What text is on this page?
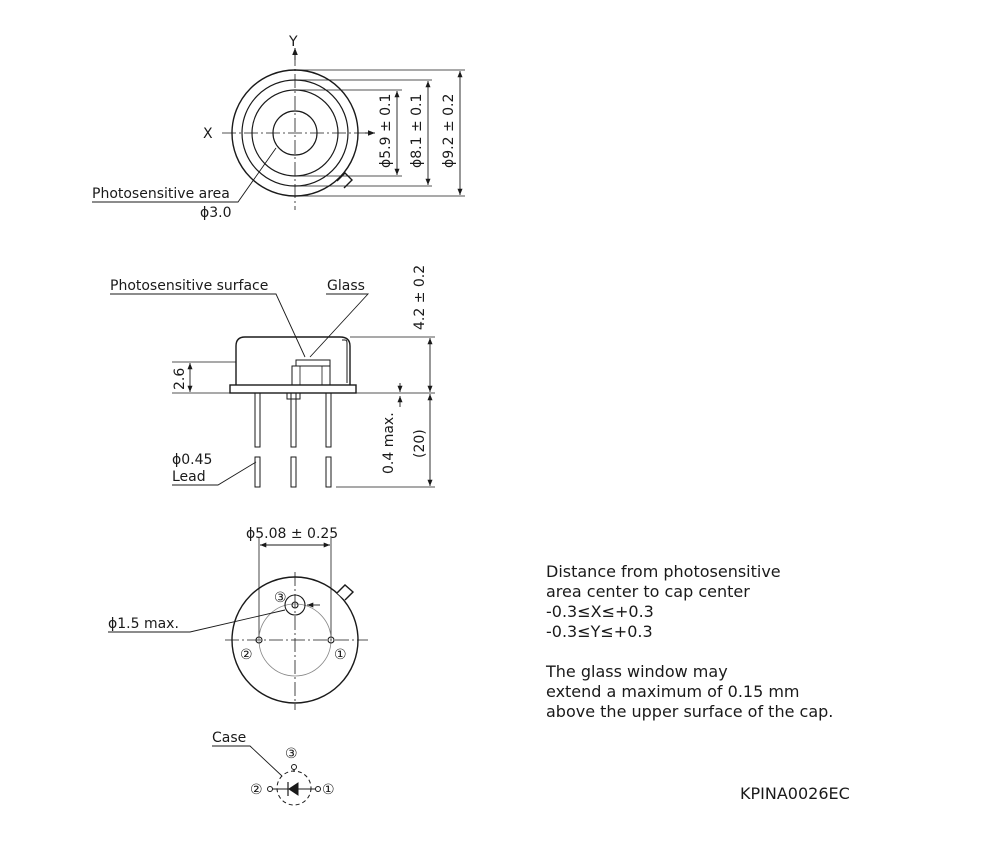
Y
X	ϕ5.9 ± 0.1 ϕ8.1 ± 0.1 ϕ9.2 ± 0.2
Photosensitive area
ϕ3.0
Photosensitive surface	Glass	4.2 ± 0.2
2.6
0.4 max. (20)
ϕ0.45
Lead
ϕ5.08 ± 0.25
ϕ1.5 max.
③
②	①
Case
③
②	①
Distance from photosensitive
area center to cap center
-0.3≤X≤+0.3
-0.3≤Y≤+0.3
The glass window may
extend a maximum of 0.15 mm
above the upper surface of the cap.
KPINA0026EC
